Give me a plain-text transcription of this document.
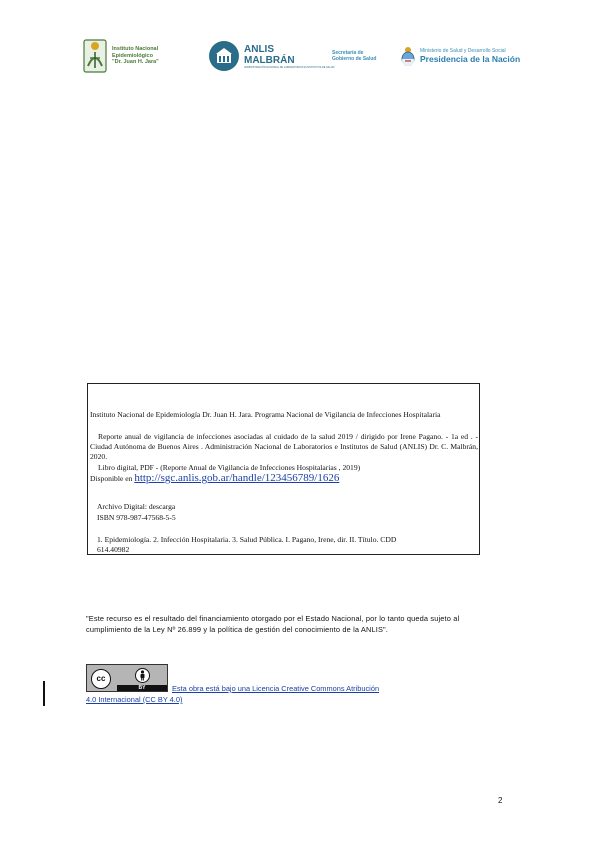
Instituto Nacional
Epidemiológico
"Dr. Juan H. Jara"
ANLIS
MALBRÁN
ADMINISTRACIÓN NACIONAL DE LABORATORIOS E INSTITUTOS DE SALUD
Secretaría de
Gobierno de Salud
Ministerio de Salud y Desarrollo Social
Presidencia de la Nación
Instituto Nacional de Epidemiología Dr. Juan H. Jara. Programa Nacional de Vigilancia de Infecciones Hospitalaria
Reporte anual de vigilancia de infecciones asociadas al cuidado de la salud 2019 / dirigido por Irene Pagano. - 1a ed . - Ciudad Autónoma de Buenos Aires . Administración Nacional de Laboratorios e Institutos de Salud (ANLIS) Dr. C. Malbrán, 2020.
Libro digital, PDF - (Reporte Anual de Vigilancia de Infecciones Hospitalarias , 2019)
Disponible en http://sgc.anlis.gob.ar/handle/123456789/1626
Archivo Digital: descarga
ISBN 978-987-47568-5-5
1. Epidemiología. 2. Infección Hospitalaria. 3. Salud Pública. I. Pagano, Irene, dir. II. Título. CDD
614.40982
"Este recurso es el resultado del financiamiento otorgado por el Estado Nacional, por lo tanto queda sujeto al cumplimiento de la Ley Nº 26.899 y la política de gestión del conocimiento de la ANLIS".
cc
BY	Esta obra está bajo una Licencia Creative Commons Atribución
4.0 Internacional (CC BY 4.0)
2
